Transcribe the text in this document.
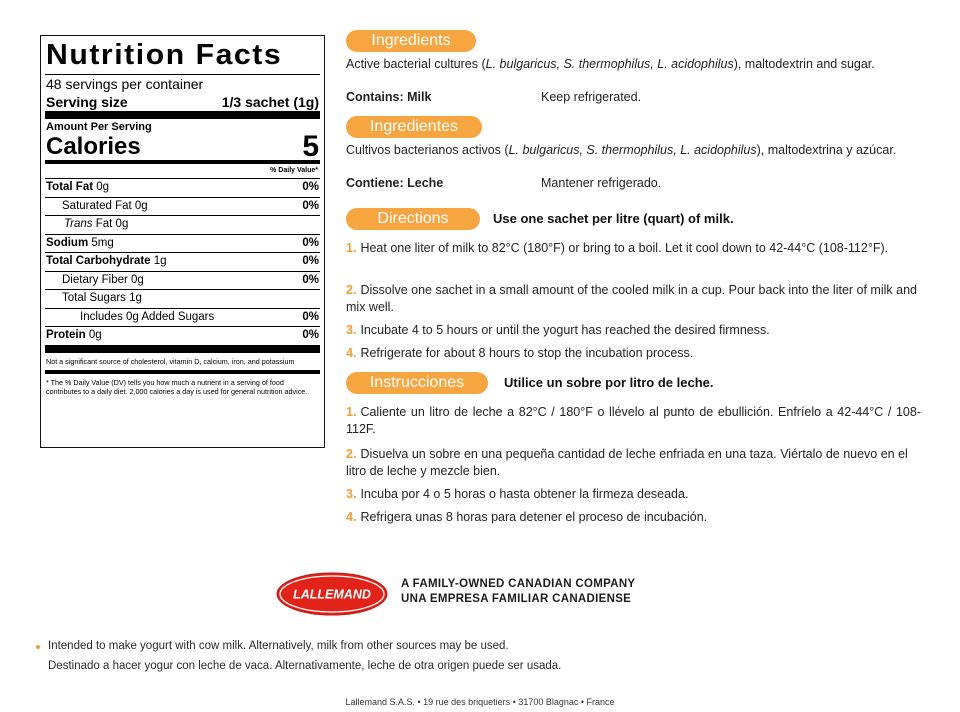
Nutrition Facts
48 servings per container
Serving size	1/3 sachet (1g)
Amount Per Serving
Calories	5
% Daily Value*
Total Fat 0g	0%
Saturated Fat 0g	0%
Trans Fat 0g
Sodium 5mg	0%
Total Carbohydrate 1g	0%
Dietary Fiber 0g	0%
Total Sugars 1g
Includes 0g Added Sugars	0%
Protein 0g	0%
Not a significant source of cholesterol, vitamin D, calcium, iron, and potassium
* The % Daily Value (DV) tells you how much a nutrient in a serving of food contributes to a daily diet. 2,000 calories a day is used for general nutrition advice.
Ingredients
Active bacterial cultures (L. bulgaricus, S. thermophilus, L. acidophilus), maltodextrin and sugar.
Contains: Milk	Keep refrigerated.
Ingredientes
Cultivos bacterianos activos (L. bulgaricus, S. thermophilus, L. acidophilus), maltodextrina y azúcar.
Contiene: Leche	Mantener refrigerado.
Directions	Use one sachet per litre (quart) of milk.
1. Heat one liter of milk to 82°C (180°F) or bring to a boil. Let it cool down to 42-44°C (108-112°F).
2. Dissolve one sachet in a small amount of the cooled milk in a cup. Pour back into the liter of milk and mix well.
3. Incubate 4 to 5 hours or until the yogurt has reached the desired firmness.
4. Refrigerate for about 8 hours to stop the incubation process.
Instrucciones	Utilice un sobre por litro de leche.
1. Caliente un litro de leche a 82°C / 180°F o llévelo al punto de ebullición. Enfríelo a 42-44°C / 108-112F.
2. Disuelva un sobre en una pequeña cantidad de leche enfriada en una taza. Viértalo de nuevo en el litro de leche y mezcle bien.
3. Incuba por 4 o 5 horas o hasta obtener la firmeza deseada.
4. Refrigera unas 8 horas para detener el proceso de incubación.
LALLEMAND
A FAMILY-OWNED CANADIAN COMPANY
UNA EMPRESA FAMILIAR CANADIENSE
Intended to make yogurt with cow milk. Alternatively, milk from other sources may be used.
Destinado a hacer yogur con leche de vaca. Alternativamente, leche de otra origen puede ser usada.
Lallemand S.A.S. • 19 rue des briquetiers • 31700 Blagnac • France
